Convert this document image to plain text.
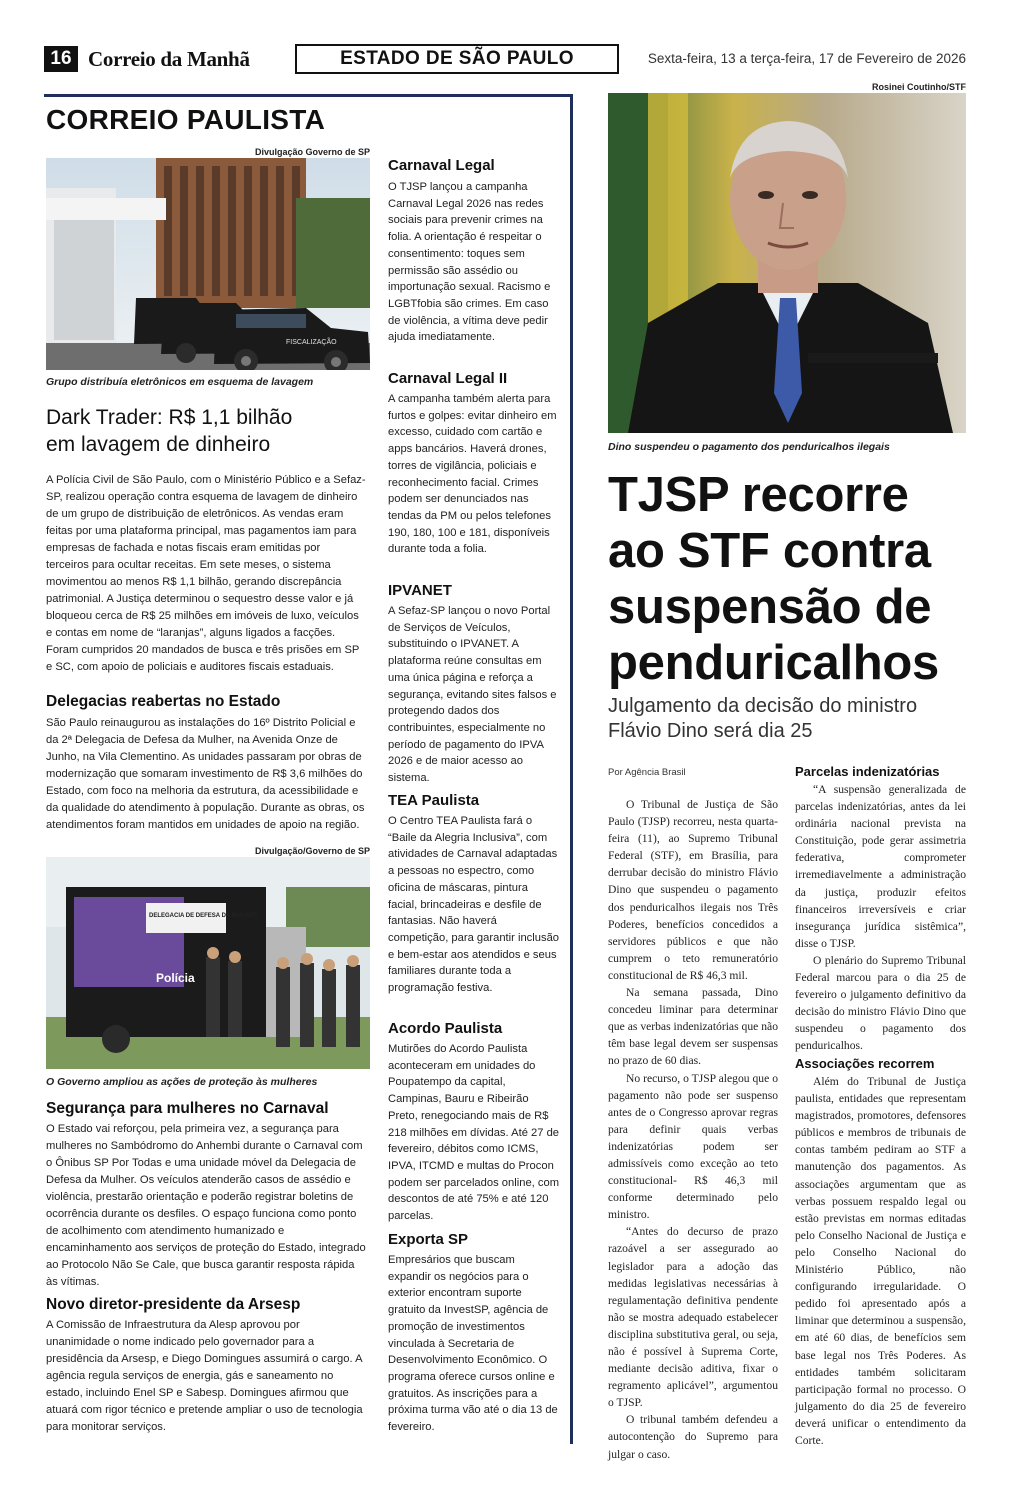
16 Correio da Manhã	ESTADO DE SÃO PAULO	Sexta-feira, 13 a terça-feira, 17 de Fevereiro de 2026
CORREIO PAULISTA
Divulgação Governo de SP
FISCALIZAÇÃO
Grupo distribuía eletrônicos em esquema de lavagem
Dark Trader: R$ 1,1 bilhão
em lavagem de dinheiro
A Polícia Civil de São Paulo, com o Ministério Público e a Sefaz-SP, realizou operação contra esquema de lavagem de dinheiro de um grupo de distribuição de eletrônicos. As vendas eram feitas por uma plataforma principal, mas pagamentos iam para empresas de fachada e notas fiscais eram emitidas por terceiros para ocultar receitas. Em sete meses, o sistema movimentou ao menos R$ 1,1 bilhão, gerando discrepância patrimonial. A Justiça determinou o sequestro desse valor e já bloqueou cerca de R$ 25 milhões em imóveis de luxo, veículos e contas em nome de “laranjas”, alguns ligados a facções. Foram cumpridos 20 mandados de busca e três prisões em SP e SC, com apoio de policiais e auditores fiscais estaduais.
Delegacias reabertas no Estado
São Paulo reinaugurou as instalações do 16º Distrito Policial e da 2ª Delegacia de Defesa da Mulher, na Avenida Onze de Junho, na Vila Clementino. As unidades passaram por obras de modernização que somaram investimento de R$ 3,6 milhões do Estado, com foco na melhoria da estrutura, da acessibilidade e da qualidade do atendimento à população. Durante as obras, os atendimentos foram mantidos em unidades de apoio na região.
Divulgação/Governo de SP
DELEGACIA DE DEFESA DA MULHER
Polícia
O Governo ampliou as ações de proteção às mulheres
Segurança para mulheres no Carnaval
O Estado vai reforçou, pela primeira vez, a segurança para mulheres no Sambódromo do Anhembi durante o Carnaval com o Ônibus SP Por Todas e uma unidade móvel da Delegacia de Defesa da Mulher. Os veículos atenderão casos de assédio e violência, prestarão orientação e poderão registrar boletins de ocorrência durante os desfiles. O espaço funciona como ponto de acolhimento com atendimento humanizado e encaminhamento aos serviços de proteção do Estado, integrado ao Protocolo Não Se Cale, que busca garantir resposta rápida às vítimas.
Novo diretor-presidente da Arsesp
A Comissão de Infraestrutura da Alesp aprovou por unanimidade o nome indicado pelo governador para a presidência da Arsesp, e Diego Domingues assumirá o cargo. A agência regula serviços de energia, gás e saneamento no estado, incluindo Enel SP e Sabesp. Domingues afirmou que atuará com rigor técnico e pretende ampliar o uso de tecnologia para monitorar serviços.
Carnaval Legal
O TJSP lançou a campanha Carnaval Legal 2026 nas redes sociais para prevenir crimes na folia. A orientação é respeitar o consentimento: toques sem permissão são assédio ou importunação sexual. Racismo e LGBTfobia são crimes. Em caso de violência, a vítima deve pedir ajuda imediatamente.
Carnaval Legal II
A campanha também alerta para furtos e golpes: evitar dinheiro em excesso, cuidado com cartão e apps bancários. Haverá drones, torres de vigilância, policiais e reconhecimento facial. Crimes podem ser denunciados nas tendas da PM ou pelos telefones 190, 180, 100 e 181, disponíveis durante toda a folia.
IPVANET
A Sefaz-SP lançou o novo Portal de Serviços de Veículos, substituindo o IPVANET. A plataforma reúne consultas em uma única página e reforça a segurança, evitando sites falsos e protegendo dados dos contribuintes, especialmente no período de pagamento do IPVA 2026 e de maior acesso ao sistema.
TEA Paulista
O Centro TEA Paulista fará o “Baile da Alegria Inclusiva”, com atividades de Carnaval adaptadas a pessoas no espectro, como oficina de máscaras, pintura facial, brincadeiras e desfile de fantasias. Não haverá competição, para garantir inclusão e bem-estar aos atendidos e seus familiares durante toda a programação festiva.
Acordo Paulista
Mutirões do Acordo Paulista aconteceram em unidades do Poupatempo da capital, Campinas, Bauru e Ribeirão Preto, renegociando mais de R$ 218 milhões em dívidas. Até 27 de fevereiro, débitos como ICMS, IPVA, ITCMD e multas do Procon podem ser parcelados online, com descontos de até 75% e até 120 parcelas.
Exporta SP
Empresários que buscam expandir os negócios para o exterior encontram suporte gratuito da InvestSP, agência de promoção de investimentos vinculada à Secretaria de Desenvolvimento Econômico. O programa oferece cursos online e gratuitos. As inscrições para a próxima turma vão até o dia 13 de fevereiro.
Rosinei Coutinho/STF
Dino suspendeu o pagamento dos penduricalhos ilegais
TJSP recorre ao STF contra suspensão de penduricalhos
Julgamento da decisão do ministro Flávio Dino será dia 25
Por Agência Brasil

O Tribunal de Justiça de São Paulo (TJSP) recorreu, nesta quarta-feira (11), ao Supremo Tribunal Federal (STF), em Brasília, para derrubar decisão do ministro Flávio Dino que suspendeu o pagamento dos penduricalhos ilegais nos Três Poderes, benefícios concedidos a servidores públicos e que não cumprem o teto remuneratório constitucional de R$ 46,3 mil.

Na semana passada, Dino concedeu liminar para determinar que as verbas indenizatórias que não têm base legal devem ser suspensas no prazo de 60 dias.

No recurso, o TJSP alegou que o pagamento não pode ser suspenso antes de o Congresso aprovar regras para definir quais verbas indenizatórias podem ser admissíveis como exceção ao teto constitucional- R$ 46,3 mil conforme determinado pelo ministro.

“Antes do decurso de prazo razoável a ser assegurado ao legislador para a adoção das medidas legislativas necessárias à regulamentação definitiva pendente não se mostra adequado estabelecer disciplina substitutiva geral, ou seja, não é possível à Suprema Corte, mediante decisão aditiva, fixar o regramento aplicável”, argumentou o TJSP.

O tribunal também defendeu a autocontenção do Supremo para julgar o caso.

Parcelas indenizatórias

“A suspensão generalizada de parcelas indenizatórias, antes da lei ordinária nacional prevista na Constituição, pode gerar assimetria federativa, comprometer irremediavelmente a administração da justiça, produzir efeitos financeiros irreversíveis e criar insegurança jurídica sistêmica”, disse o TJSP.

O plenário do Supremo Tribunal Federal marcou para o dia 25 de fevereiro o julgamento definitivo da decisão do ministro Flávio Dino que suspendeu o pagamento dos penduricalhos.

Associações recorrem

Além do Tribunal de Justiça paulista, entidades que representam magistrados, promotores, defensores públicos e membros de tribunais de contas também pediram ao STF a manutenção dos pagamentos. As associações argumentam que as verbas possuem respaldo legal ou estão previstas em normas editadas pelo Conselho Nacional de Justiça e pelo Conselho Nacional do Ministério Público, não configurando irregularidade. O pedido foi apresentado após a liminar que determinou a suspensão, em até 60 dias, de benefícios sem base legal nos Três Poderes. As entidades também solicitaram participação formal no processo. O julgamento do dia 25 de fevereiro deverá unificar o entendimento da Corte.
